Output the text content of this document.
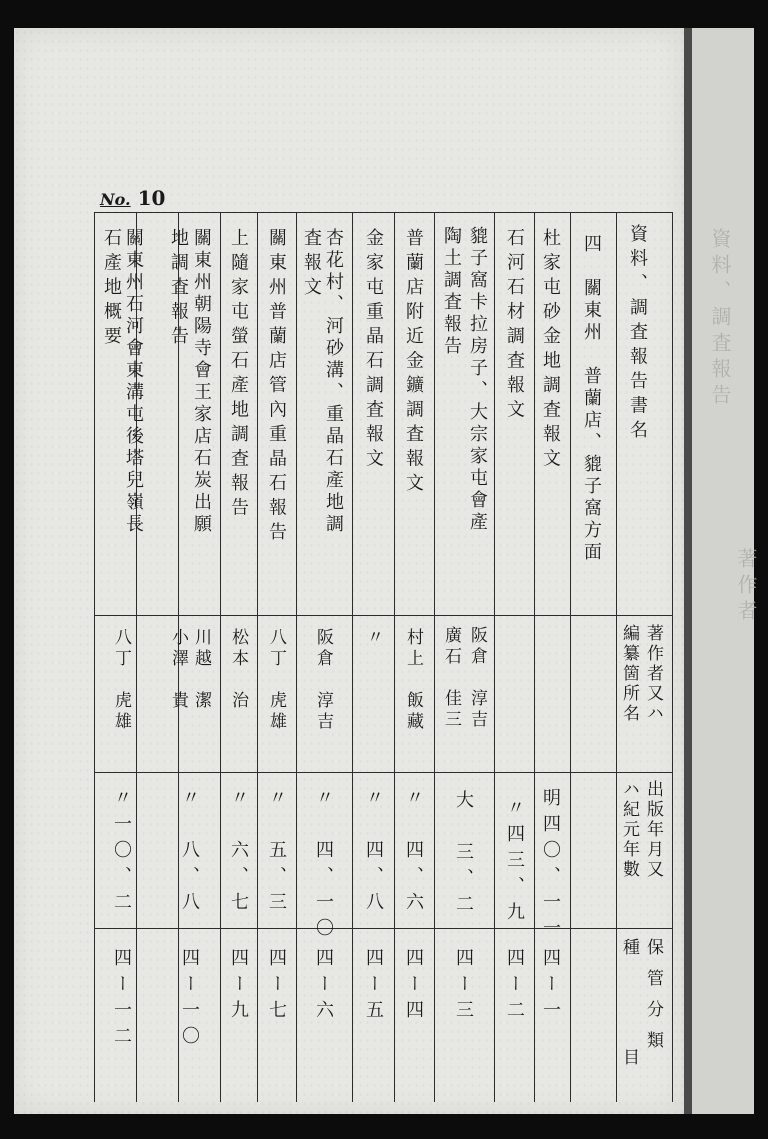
資料、調査報告
著作者
No. 10
資料、調査報告書名
著作者又ハ
編纂箇所名
出版年月又
ハ紀元年數
保管分類
種
目
四　關東州　普蘭店、貔子窩方面
杜家屯砂金地調査報文
明四〇、一一
四ー一
石河石材調査報文
〃四三、九
四ー二
貔子窩卡拉房子、大宗家屯會產
陶土調査報告
阪倉　淳吉
廣石　佳三
大　三、二
四ー三
普蘭店附近金鑛調査報文
村上　飯藏
〃　四、六
四ー四
金家屯重晶石調査報文
〃
〃　四、八
四ー五
杏花村、河砂溝、重晶石產地調
査報文
阪倉　淳吉
〃　四、一〇
四ー六
關東州普蘭店管內重晶石報告
八丁　虎雄
〃　五、三
四ー七
上隨家屯螢石產地調査報告
松本　治
〃　六、七
四ー九
關東州朝陽寺會王家店石炭出願
地調査報告
川越　潔
小澤　貴
〃　八、八
四ー一〇
關東州石河會東溝屯後塔兒嶺長
石產地概要
八丁　虎雄
〃一〇、二
四ー一二
